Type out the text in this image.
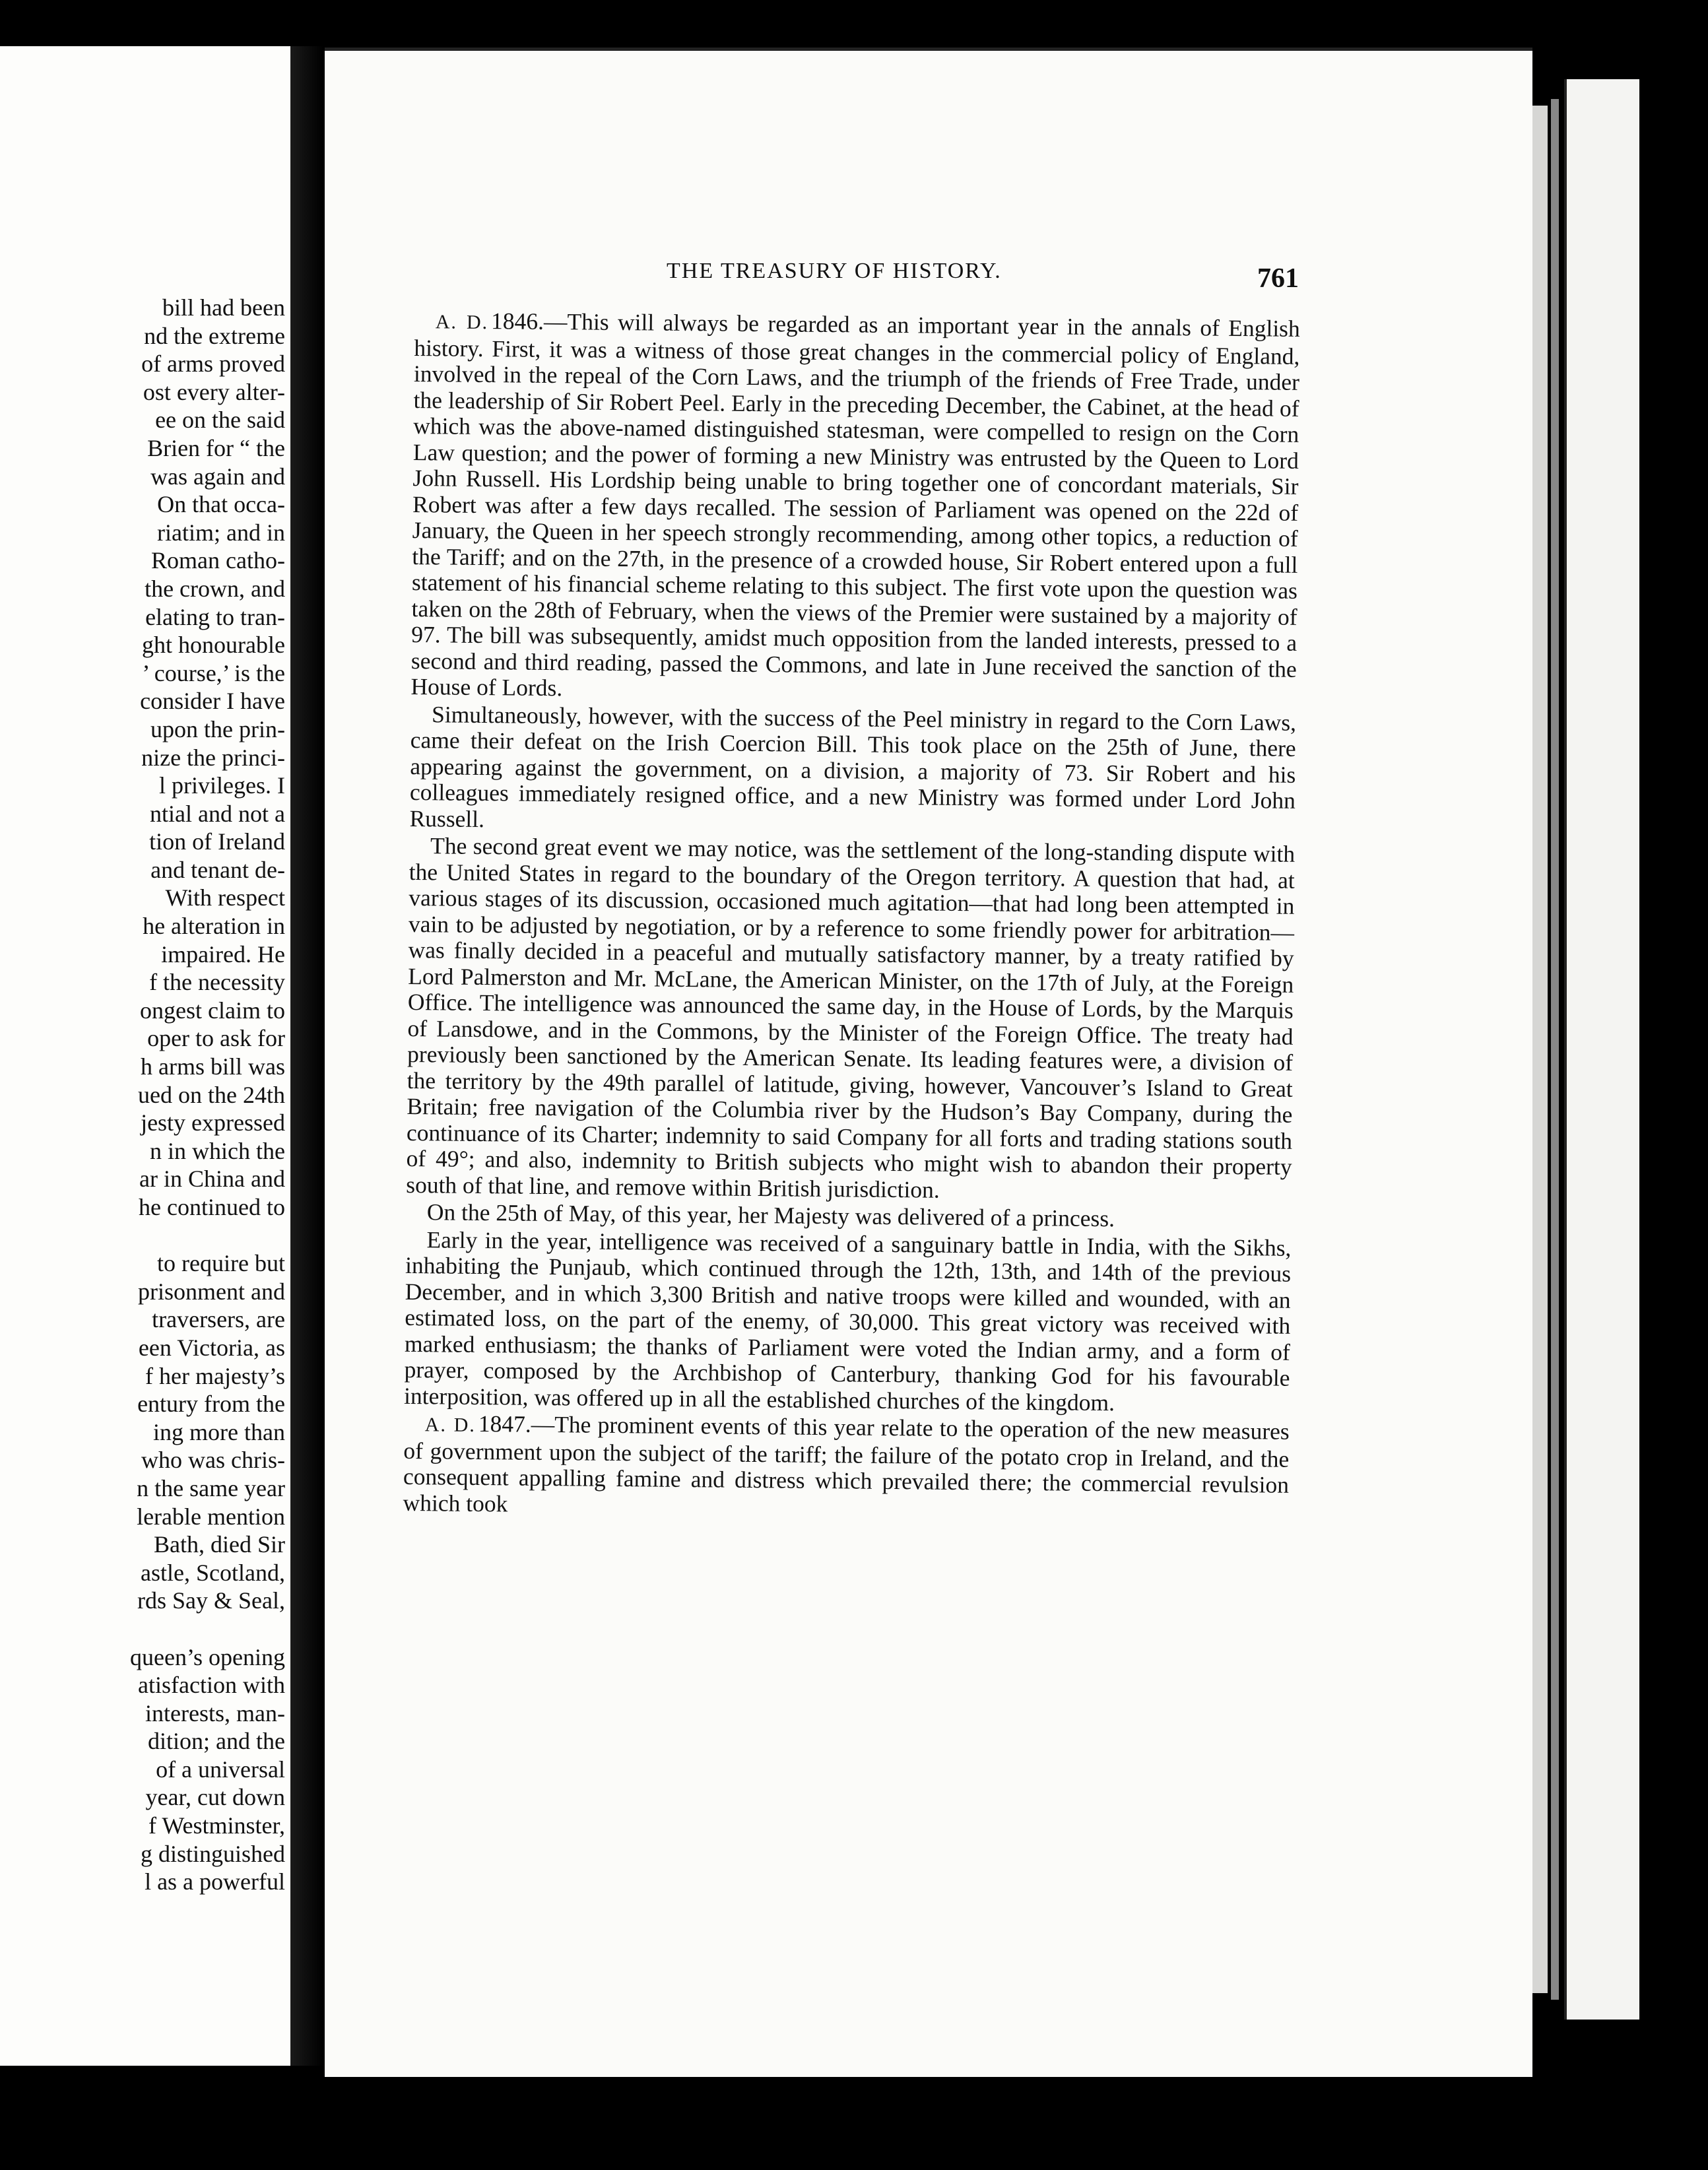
bill had been
nd the extreme
of arms proved
ost every alter-
ee on the said
Brien for “ the
was again and
On that occa-
riatim; and in
Roman catho-
the crown, and
elating to tran-
ght honourable
’ course,’ is the
consider I have
upon the prin-
nize the princi-
l privileges. I
ntial and not a
tion of Ireland
and tenant de-
With respect
he alteration in
impaired. He
f the necessity
ongest claim to
oper to ask for
h arms bill was
ued on the 24th
jesty expressed
n in which the
ar in China and
he continued to
to require but
prisonment and
traversers, are
een Victoria, as
f her majesty’s
entury from the
ing more than
who was chris-
n the same year
lerable mention
Bath, died Sir
astle, Scotland,
rds Say & Seal,
queen’s opening
atisfaction with
interests, man-
dition; and the
of a universal
year, cut down
f Westminster,
g distinguished
l as a powerful
THE TREASURY OF HISTORY.	761

A. D. 1846.—This will always be regarded as an important year in the annals of English history. First, it was a witness of those great changes in the commercial policy of England, involved in the repeal of the Corn Laws, and the triumph of the friends of Free Trade, under the leadership of Sir Robert Peel. Early in the preceding December, the Cabinet, at the head of which was the above-named distinguished statesman, were compelled to resign on the Corn Law question; and the power of forming a new Ministry was entrusted by the Queen to Lord John Russell. His Lordship being unable to bring together one of concordant materials, Sir Robert was after a few days recalled. The session of Parliament was opened on the 22d of January, the Queen in her speech strongly recommending, among other topics, a reduction of the Tariff; and on the 27th, in the presence of a crowded house, Sir Robert entered upon a full statement of his financial scheme relating to this subject. The first vote upon the question was taken on the 28th of February, when the views of the Premier were sustained by a majority of 97. The bill was subsequently, amidst much opposition from the landed interests, pressed to a second and third reading, passed the Commons, and late in June received the sanction of the House of Lords.

Simultaneously, however, with the success of the Peel ministry in regard to the Corn Laws, came their defeat on the Irish Coercion Bill. This took place on the 25th of June, there appearing against the government, on a division, a majority of 73. Sir Robert and his colleagues immediately resigned office, and a new Ministry was formed under Lord John Russell.

The second great event we may notice, was the settlement of the long-standing dispute with the United States in regard to the boundary of the Oregon territory. A question that had, at various stages of its discussion, occasioned much agitation—that had long been attempted in vain to be adjusted by negotiation, or by a reference to some friendly power for arbitration—was finally decided in a peaceful and mutually satisfactory manner, by a treaty ratified by Lord Palmerston and Mr. McLane, the American Minister, on the 17th of July, at the Foreign Office. The intelligence was announced the same day, in the House of Lords, by the Marquis of Lansdowe, and in the Commons, by the Minister of the Foreign Office. The treaty had previously been sanctioned by the American Senate. Its leading features were, a division of the territory by the 49th parallel of latitude, giving, however, Vancouver’s Island to Great Britain; free navigation of the Columbia river by the Hudson’s Bay Company, during the continuance of its Charter; indemnity to said Company for all forts and trading stations south of 49°; and also, indemnity to British subjects who might wish to abandon their property south of that line, and remove within British jurisdiction.

On the 25th of May, of this year, her Majesty was delivered of a princess.

Early in the year, intelligence was received of a sanguinary battle in India, with the Sikhs, inhabiting the Punjaub, which continued through the 12th, 13th, and 14th of the previous December, and in which 3,300 British and native troops were killed and wounded, with an estimated loss, on the part of the enemy, of 30,000. This great victory was received with marked enthusiasm; the thanks of Parliament were voted the Indian army, and a form of prayer, composed by the Archbishop of Canterbury, thanking God for his favourable interposition, was offered up in all the established churches of the kingdom.

A. D. 1847.—The prominent events of this year relate to the operation of the new measures of government upon the subject of the tariff; the failure of the potato crop in Ireland, and the consequent appalling famine and distress which prevailed there; the commercial revulsion which took
